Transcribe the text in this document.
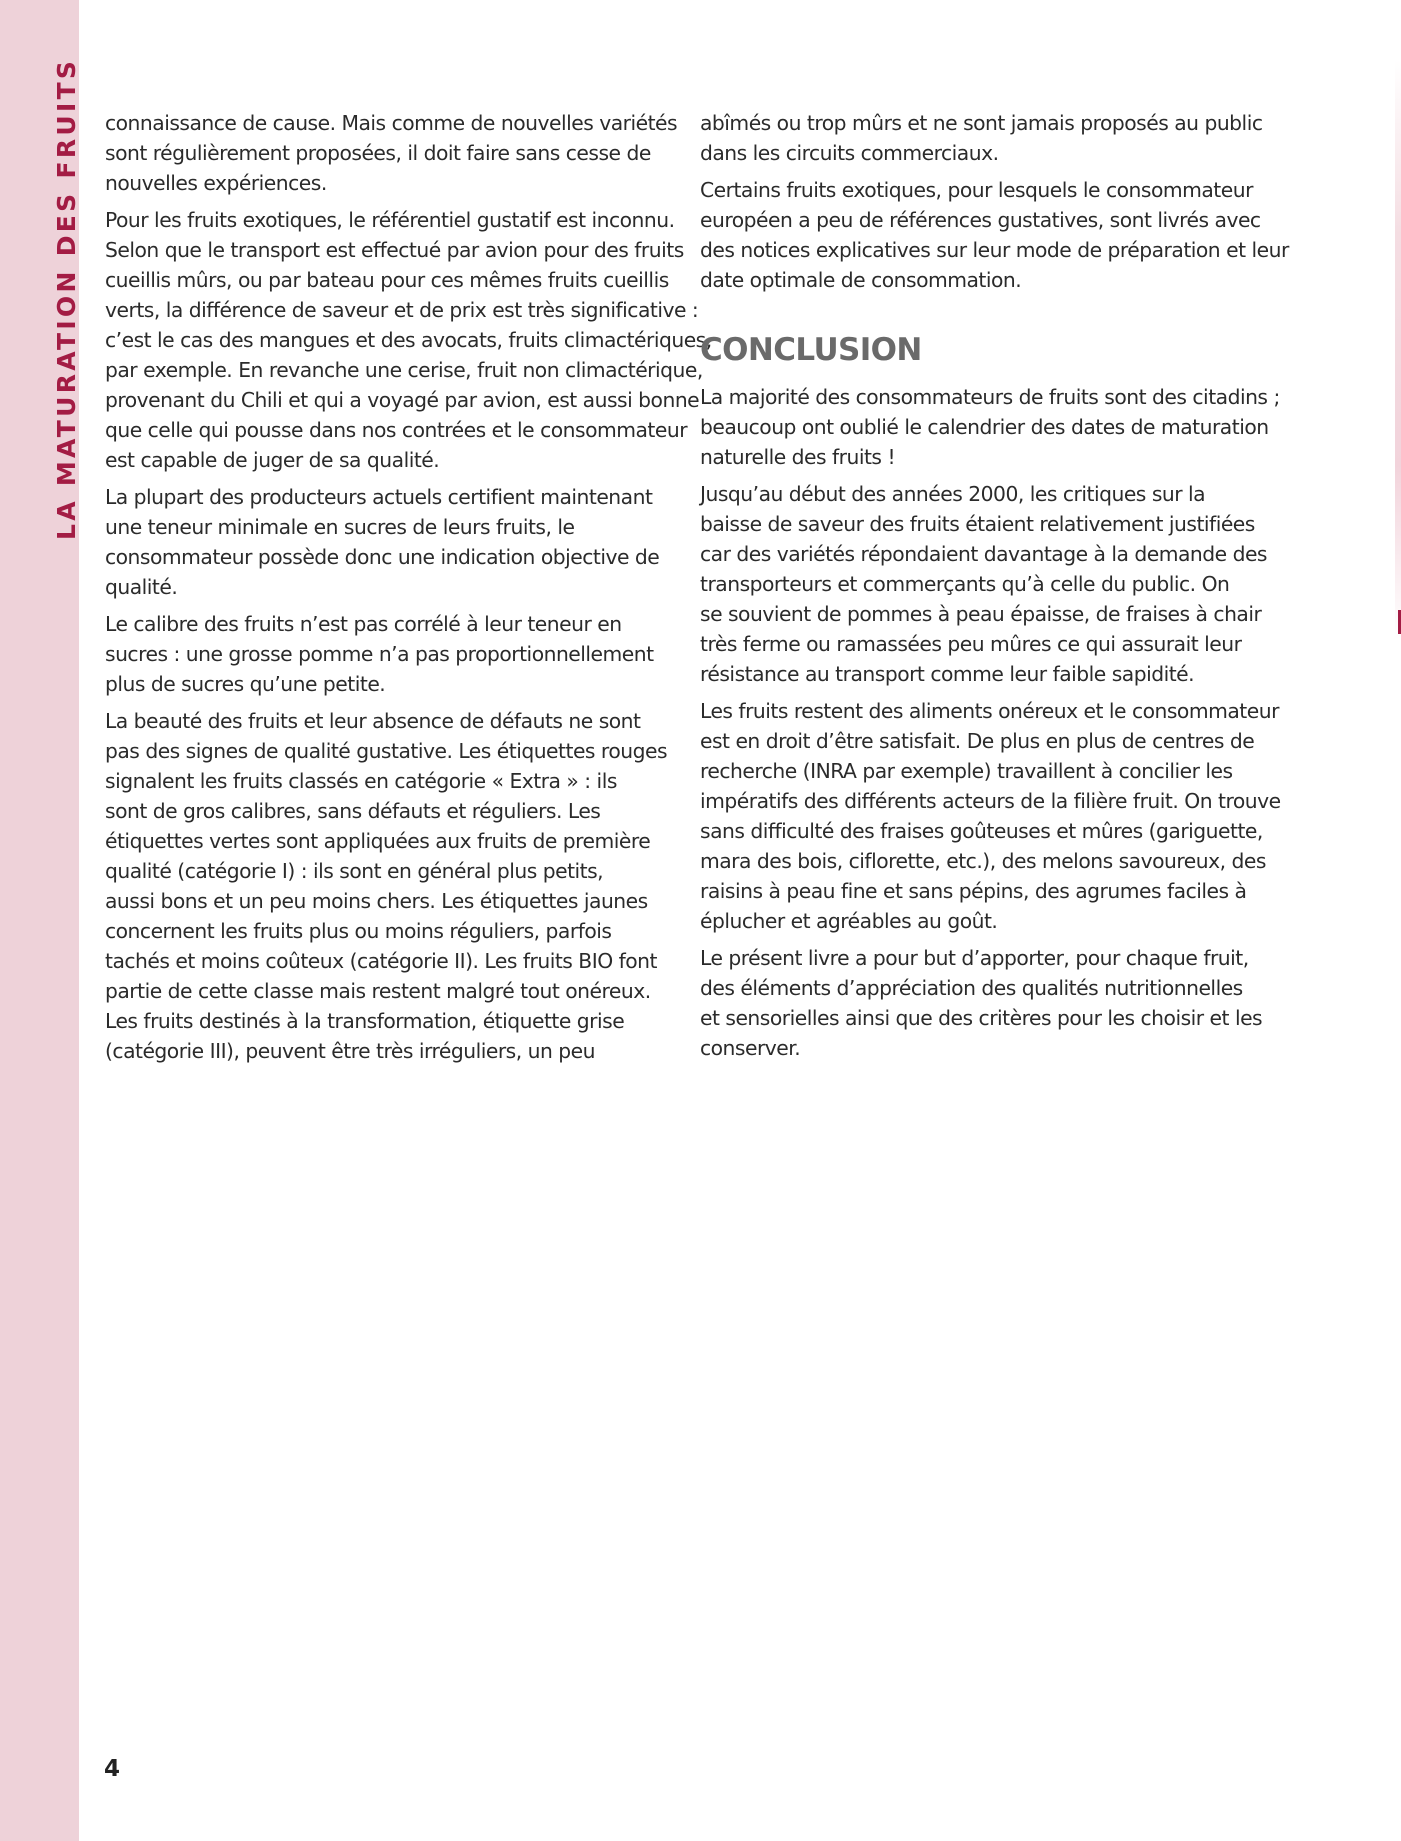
LA MATURATION DES FRUITS connaissance de cause. Mais comme de nouvelles variétés
sont régulièrement proposées, il doit faire sans cesse de
nouvelles expériences.

Pour les fruits exotiques, le référentiel gustatif est inconnu.
Selon que le transport est effectué par avion pour des fruits
cueillis mûrs, ou par bateau pour ces mêmes fruits cueillis
verts, la différence de saveur et de prix est très significative :
c’est le cas des mangues et des avocats, fruits climactériques,
par exemple. En revanche une cerise, fruit non climactérique,
provenant du Chili et qui a voyagé par avion, est aussi bonne
que celle qui pousse dans nos contrées et le consommateur
est capable de juger de sa qualité.

La plupart des producteurs actuels certifient maintenant
une teneur minimale en sucres de leurs fruits, le
consommateur possède donc une indication objective de
qualité.

Le calibre des fruits n’est pas corrélé à leur teneur en
sucres : une grosse pomme n’a pas proportionnellement
plus de sucres qu’une petite.

La beauté des fruits et leur absence de défauts ne sont
pas des signes de qualité gustative. Les étiquettes rouges
signalent les fruits classés en catégorie « Extra » : ils
sont de gros calibres, sans défauts et réguliers. Les
étiquettes vertes sont appliquées aux fruits de première
qualité (catégorie I) : ils sont en général plus petits,
aussi bons et un peu moins chers. Les étiquettes jaunes
concernent les fruits plus ou moins réguliers, parfois
tachés et moins coûteux (catégorie II). Les fruits BIO font
partie de cette classe mais restent malgré tout onéreux.
Les fruits destinés à la transformation, étiquette grise
(catégorie III), peuvent être très irréguliers, un peu

abîmés ou trop mûrs et ne sont jamais proposés au public
dans les circuits commerciaux.

Certains fruits exotiques, pour lesquels le consommateur
européen a peu de références gustatives, sont livrés avec
des notices explicatives sur leur mode de préparation et leur
date optimale de consommation.

CONCLUSION

La majorité des consommateurs de fruits sont des citadins ;
beaucoup ont oublié le calendrier des dates de maturation
naturelle des fruits !

Jusqu’au début des années 2000, les critiques sur la
baisse de saveur des fruits étaient relativement justifiées
car des variétés répondaient davantage à la demande des
transporteurs et commerçants qu’à celle du public. On
se souvient de pommes à peau épaisse, de fraises à chair
très ferme ou ramassées peu mûres ce qui assurait leur
résistance au transport comme leur faible sapidité.

Les fruits restent des aliments onéreux et le consommateur
est en droit d’être satisfait. De plus en plus de centres de
recherche (INRA par exemple) travaillent à concilier les
impératifs des différents acteurs de la filière fruit. On trouve
sans difficulté des fraises goûteuses et mûres (gariguette,
mara des bois, ciflorette, etc.), des melons savoureux, des
raisins à peau fine et sans pépins, des agrumes faciles à
éplucher et agréables au goût.

Le présent livre a pour but d’apporter, pour chaque fruit,
des éléments d’appréciation des qualités nutritionnelles
et sensorielles ainsi que des critères pour les choisir et les
conserver.

4
